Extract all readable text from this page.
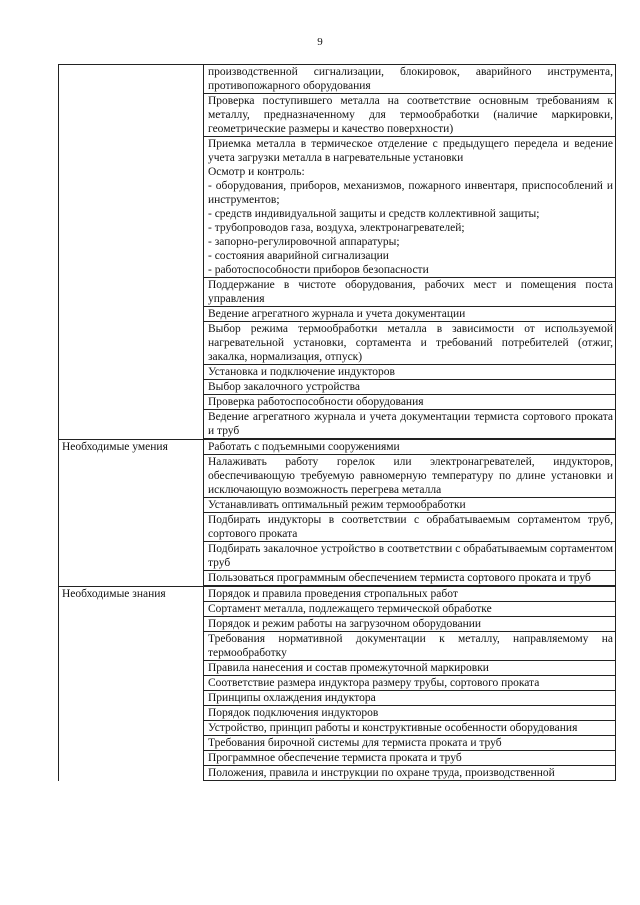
9
производственной сигнализации, блокировок, аварийного инструмента, противопожарного оборудования
Проверка поступившего металла на соответствие основным требованиям к металлу, предназначенному для термообработки (наличие маркировки, геометрические размеры и качество поверхности)
Приемка металла в термическое отделение с предыдущего передела и ведение учета загрузки металла в нагревательные установки
Осмотр и контроль:
- оборудования, приборов, механизмов, пожарного инвентаря, приспособлений и инструментов;
- средств индивидуальной защиты и средств коллективной защиты;
- трубопроводов газа, воздуха, электронагревателей;
- запорно-регулировочной аппаратуры;
- состояния аварийной сигнализации
- работоспособности приборов безопасности
Поддержание в чистоте оборудования, рабочих мест и помещения поста управления
Ведение агрегатного журнала и учета документации
Выбор режима термообработки металла в зависимости от используемой нагревательной установки, сортамента и требований потребителей (отжиг, закалка, нормализация, отпуск)
Установка и подключение индукторов
Выбор закалочного устройства
Проверка работоспособности оборудования
Ведение агрегатного журнала и учета документации термиста сортового проката и труб
Необходимые умения	Работать с подъемными сооружениями
Налаживать работу горелок или электронагревателей, индукторов, обеспечивающую требуемую равномерную температуру по длине установки и исключающую возможность перегрева металла
Устанавливать оптимальный режим термообработки
Подбирать индукторы в соответствии с обрабатываемым сортаментом труб, сортового проката
Подбирать закалочное устройство в соответствии с обрабатываемым сортаментом труб
Пользоваться программным обеспечением термиста сортового проката и труб
Необходимые знания	Порядок и правила проведения стропальных работ
Сортамент металла, подлежащего термической обработке
Порядок и режим работы на загрузочном оборудовании
Требования нормативной документации к металлу, направляемому на термообработку
Правила нанесения и состав промежуточной маркировки
Соответствие размера индуктора размеру трубы, сортового проката
Принципы охлаждения индуктора
Порядок подключения индукторов
Устройство, принцип работы и конструктивные особенности оборудования
Требования бирочной системы для термиста проката и труб
Программное обеспечение термиста проката и труб
Положения, правила и инструкции по охране труда, производственной
